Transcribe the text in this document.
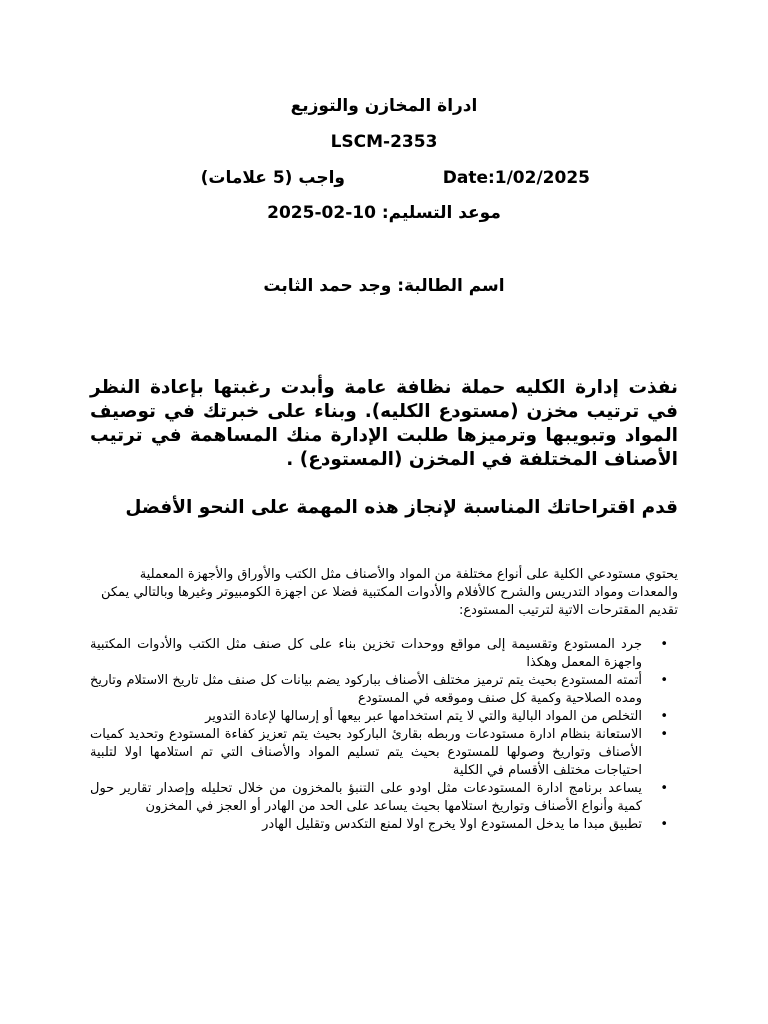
ادراة المخازن والتوزيع
LSCM-2353
واجب (5 علامات)	Date:1/02/2025
موعد التسليم: 10-02-2025
اسم الطالبة: وجد حمد الثابت
نفذت إدارة الكليه حملة نظافة عامة وأبدت رغبتها بإعادة النظر في ترتيب مخزن (مستودع الكليه). وبناء على خبرتك في توصيف المواد وتبويبها وترميزها طلبت الإدارة منك المساهمة في ترتيب الأصناف المختلفة في المخزن (المستودع) .
قدم اقتراحاتك المناسبة لإنجاز هذه المهمة على النحو الأفضل
يحتوي مستودعي الكلية على أنواع مختلفة من المواد والأصناف مثل الكتب والأوراق والأجهزة المعملية والمعدات ومواد التدريس والشرح كالأفلام والأدوات المكتبية فضلا عن اجهزة الكومبيوتر وغيرها وبالتالي يمكن تقديم المقترحات الاتية لترتيب المستودع:
•
جرد المستودع وتقسيمة إلى مواقع ووحدات تخزين بناء على كل صنف مثل الكتب والأدوات المكتبية واجهزة المعمل وهكذا
•
أتمته المستودع بحيث يتم ترميز مختلف الأصناف بباركود يضم بيانات كل صنف مثل تاريخ الاستلام وتاريخ ومده الصلاحية وكمية كل صنف وموقعه في المستودع
•
التخلص من المواد البالية والتي لا يتم استخدامها عبر بيعها أو إرسالها لإعادة التدوير
•
الاستعانة بنظام ادارة مستودعات وربطه بقارئ الباركود بحيث يتم تعزيز كفاءة المستودع وتحديد كميات الأصناف وتواريخ وصولها للمستودع بحيث يتم تسليم المواد والأصناف التي تم استلامها اولا لتلبية احتياجات مختلف الأقسام في الكلية
•
يساعد برنامج ادارة المستودعات مثل اودو على التنبؤ بالمخزون من خلال تحليله وإصدار تقارير حول كمية وأنواع الأصناف وتواريخ استلامها بحيث يساعد على الحد من الهادر أو العجز في المخزون
•
تطبيق مبدا ما يدخل المستودع اولا يخرج اولا لمنع التكدس وتقليل الهادر
